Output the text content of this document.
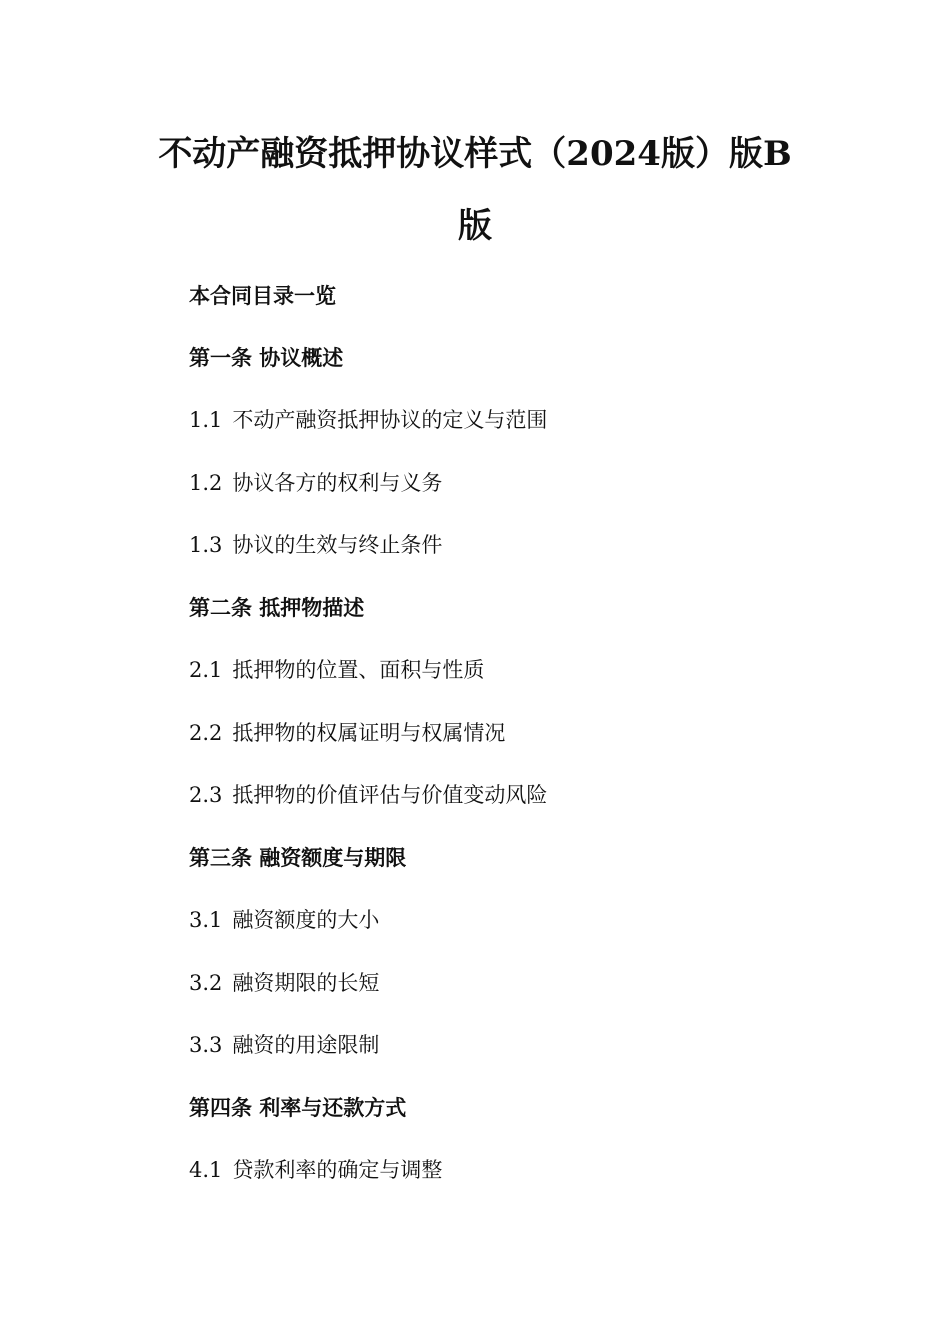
不动产融资抵押协议样式（2024版）版B
版

本合同目录一览

第一条 协议概述

1.1 不动产融资抵押协议的定义与范围

1.2 协议各方的权利与义务

1.3 协议的生效与终止条件

第二条 抵押物描述

2.1 抵押物的位置、面积与性质

2.2 抵押物的权属证明与权属情况

2.3 抵押物的价值评估与价值变动风险

第三条 融资额度与期限

3.1 融资额度的大小

3.2 融资期限的长短

3.3 融资的用途限制

第四条 利率与还款方式

4.1 贷款利率的确定与调整
